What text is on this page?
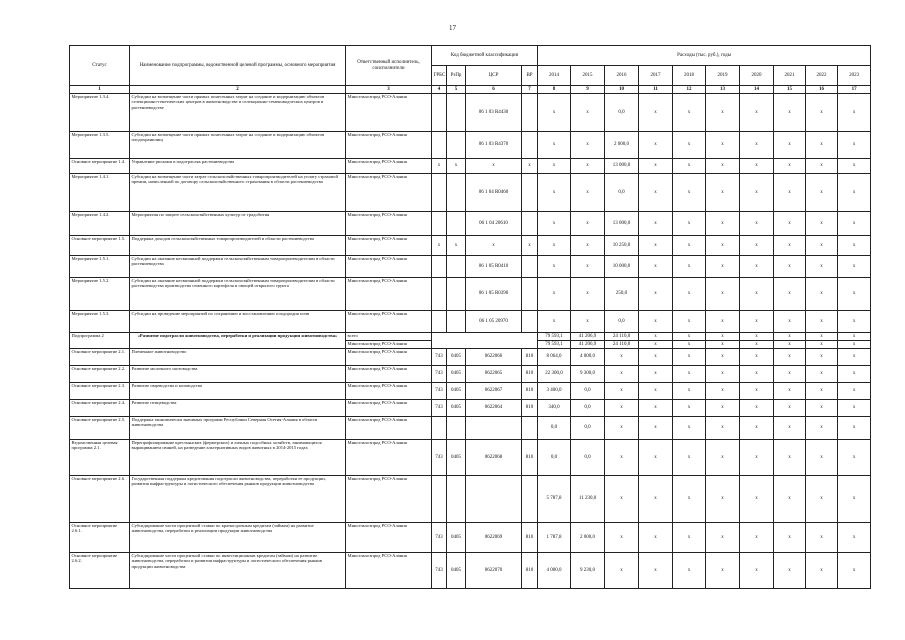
17
Статус	Наименование подпрограммы, ведомственной целевой программы, основного мероприятия	Ответственный исполнитель, соисполнители	Код бюджетной классификации				Расходы (тыс. руб.), годы									
			ГРБС	РзПр	ЦСР	ВР	2014	2015	2016	2017	2018	2019	2020	2021	2022	2023
1	2	3	4	5	6	7	8	9	10	11	12	13	14	15	16	17
Мероприятие 1.3.4.	Субсидии на возмещение части прямых понесенных затрат на создание и модернизацию объектов селекционно-генетических центров в животноводстве и селекционно-семеноводческих центров в растениеводстве	Минсельхозпрод РСО-Алания			06 1 03 R4430		x	x	0,0	x	x	x	x	x	x	x
Мероприятие 1.3.5.	Субсидии на возмещение части прямых понесенных затрат на создание и модернизацию объектов плодохранилищ	Минсельхозпрод РСО-Алания			06 1 03 R4370		x	x	2 000,0	x	x	x	x	x	x	x
Основное мероприятие 1.4.	Управление рисками в подотраслях растениеводства	Минсельхозпрод РСО-Алания	x	x	x	x	x	x	13 000,0	x	x	x	x	x	x	x
Мероприятие 1.4.1.	Субсидии на возмещение части затрат сельскохозяйственных товаропроизводителей на уплату страховой премии, начисленной по договору сельскохозяйственного страхования в области растениеводства	Минсельхозпрод РСО-Алания			06 1 04 R0460		x	x	0,0	x	x	x	x	x	x	x
Мероприятие 1.4.2.	Мероприятия по защите сельскохозяйственных культур от градобития	Минсельхозпрод РСО-Алания			06 1 04 20610		x	x	13 000,0	x	x	x	x	x	x	x
Основное мероприятие 1.5.	Поддержка доходов сельскохозяйственных товаропроизводителей в области растениеводства	Минсельхозпрод РСО-Алания	x	x	x	x	x	x	10 250,0	x	x	x	x	x	x	x
Мероприятие 1.5.1.	Субсидии на оказание несвязанной поддержки сельскохозяйственным товаропроизводителям в области растениеводства	Минсельхозпрод РСО-Алания			06 1 05 R0410		x	x	10 000,0	x	x	x	x	x	x	x
Мероприятие 1.5.2.	Субсидии на оказание несвязанной поддержки сельскохозяйственным товаропроизводителям в области растениеводства производства семенного картофеля и овощей открытого грунта	Минсельхозпрод РСО-Алания			06 1 05 R0390		x	x	250,0	x	x	x	x	x	x	x
Мероприятие 1.5.3.	Субсидии на проведение мероприятий по сохранению и восстановлению плодородия почв	Минсельхозпрод РСО-Алания			06 1 05 20970		x	x	0,0	x	x	x	x	x	x	x
Подпрограмма 2	«Развитие подотрасли животноводства, переработки и реализации продукции животноводства»	всего					79 593,1	41 206,9	24 110,0	x	x	x	x	x	x	x
		Минсельхозпрод РСО-Алания					79 593,1	41 206,9	24 110,0	x	x	x	x	x	x	x
Основное мероприятие 2.1.	Племенное животноводство	Минсельхозпрод РСО-Алания	743	0405	0622066	810	8 064,0	4 000,0	x	x	x	x	x	x	x	x
Основное мероприятие 2.2.	Развитие молочного скотоводства	Минсельхозпрод РСО-Алания	743	0405	0622065	810	22 300,0	9 300,0	x	x	x	x	x	x	x	x
Основное мероприятие 2.3.	Развитие овцеводства и козоводства	Минсельхозпрод РСО-Алания	743	0405	0622067	810	3 400,0	0,0	x	x	x	x	x	x	x	x
Основное мероприятие 2.4.	Развитие птицеводства	Минсельхозпрод РСО-Алания	743	0405	0622064	810	340,0	0,0	x	x	x	x	x	x	x	x
Основное мероприятие 2.5.	Поддержка экономически значимых программ Республики Северная Осетия-Алания в области животноводства	Минсельхозпрод РСО-Алания					0,0	0,0	x	x	x	x	x	x	x	x
Ведомственная целевая программа 2.1.	Перепрофилирование крестьянских (фермерских) и личных подсобных хозяйств, занимающихся выращиванием свиней, на разведение альтернативных видов животных в 2014-2015 годах	Минсельхозпрод РСО-Алания	743	0405	0622068	810	0,0	0,0	x	x	x	x	x	x	x	x
Основное мероприятие 2.6.	Государственная поддержка кредитования подотрасли животноводства, переработки ее продукции, развития инфраструктуры и логистического обеспечения рынков продукции животноводства	Минсельхозпрод РСО-Алания					5 787,8	11 230,0	x	x	x	x	x	x	x	x
Основное мероприятие 2.6.1.	Субсидирование части процентной ставки по краткосрочным кредитам (займам) на развитие животноводства, переработки и реализации продукции животноводства	Минсельхозпрод РСО-Алания	743	0405	0622069	810	1 787,8	2 000,0	x	x	x	x	x	x	x	x
Основное мероприятие 2.6.2.	Субсидирование части процентной ставки по инвестиционным кредитам (займам) на развитие животноводства, переработки и развития инфраструктуры и логистического обеспечения рынков продукции животноводства	Минсельхозпрод РСО-Алания	743	0405	0622070	810	4 000,0	9 230,0	x	x	x	x	x	x	x	x
